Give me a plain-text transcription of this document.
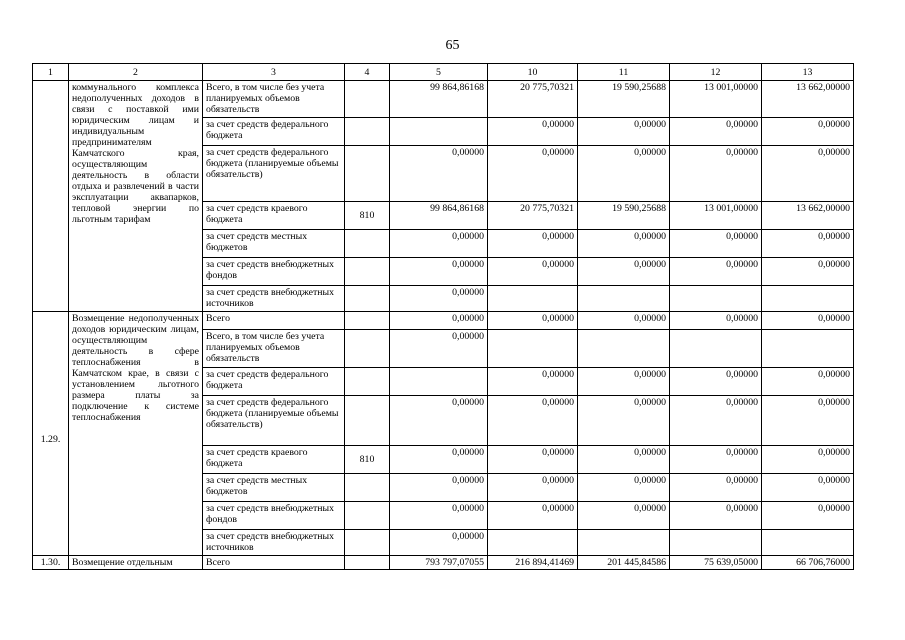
65
1	2	3	4	5	10	11	12	13
	коммунального комплекса недополученных доходов в связи с поставкой ими юридическим лицам и индивидуальным предпринимателям Камчатского края, осуществляющим деятельность в области отдыха и развлечений в части эксплуатации аквапарков, тепловой энергии по льготным тарифам	Всего, в том числе без учета планируемых объемов обязательств		99 864,86168	20 775,70321	19 590,25688	13 001,00000	13 662,00000
		за счет средств федерального бюджета			0,00000	0,00000	0,00000	0,00000
		за счет средств федерального бюджета (планируемые объемы обязательств)		0,00000	0,00000	0,00000	0,00000	0,00000
		за счет средств краевого бюджета	810	99 864,86168	20 775,70321	19 590,25688	13 001,00000	13 662,00000
		за счет средств местных бюджетов		0,00000	0,00000	0,00000	0,00000	0,00000
		за счет средств внебюджетных фондов		0,00000	0,00000	0,00000	0,00000	0,00000
		за счет средств внебюджетных источников		0,00000				
1.29.	Возмещение недополученных доходов юридическим лицам, осуществляющим деятельность в сфере теплоснабжения в Камчатском крае, в связи с установлением льготного размера платы за подключение к системе теплоснабжения	Всего		0,00000	0,00000	0,00000	0,00000	0,00000
		Всего, в том числе без учета планируемых объемов обязательств		0,00000				
		за счет средств федерального бюджета			0,00000	0,00000	0,00000	0,00000
		за счет средств федерального бюджета (планируемые объемы обязательств)		0,00000	0,00000	0,00000	0,00000	0,00000
		за счет средств краевого бюджета	810	0,00000	0,00000	0,00000	0,00000	0,00000
		за счет средств местных бюджетов		0,00000	0,00000	0,00000	0,00000	0,00000
		за счет средств внебюджетных фондов		0,00000	0,00000	0,00000	0,00000	0,00000
		за счет средств внебюджетных источников		0,00000				
1.30.	Возмещение отдельным	Всего		793 797,07055	216 894,41469	201 445,84586	75 639,05000	66 706,76000
